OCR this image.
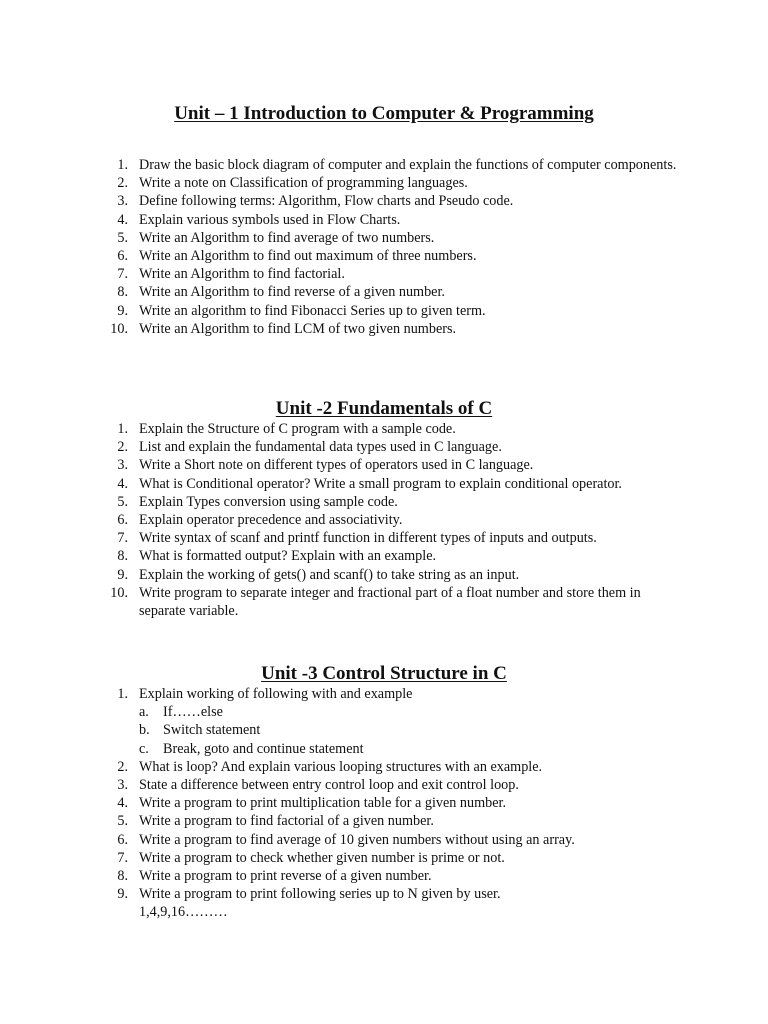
Unit – 1 Introduction to Computer & Programming
1. Draw the basic block diagram of computer and explain the functions of computer components.
2. Write a note on Classification of programming languages.
3. Define following terms: Algorithm, Flow charts and Pseudo code.
4. Explain various symbols used in Flow Charts.
5. Write an Algorithm to find average of two numbers.
6. Write an Algorithm to find out maximum of three numbers.
7. Write an Algorithm to find factorial.
8. Write an Algorithm to find reverse of a given number.
9. Write an algorithm to find Fibonacci Series up to given term.
10. Write an Algorithm to find LCM of two given numbers.
Unit -2 Fundamentals of C
1. Explain the Structure of C program with a sample code.
2. List and explain the fundamental data types used in C language.
3. Write a Short note on different types of operators used in C language.
4. What is Conditional operator? Write a small program to explain conditional operator.
5. Explain Types conversion using sample code.
6. Explain operator precedence and associativity.
7. Write syntax of scanf and printf function in different types of inputs and outputs.
8. What is formatted output? Explain with an example.
9. Explain the working of gets() and scanf() to take string as an input.
10. Write program to separate integer and fractional part of a float number and store them in separate variable.
Unit -3 Control Structure in C
1. Explain working of following with and example
a. If……else
b. Switch statement
c. Break, goto and continue statement
2. What is loop? And explain various looping structures with an example.
3. State a difference between entry control loop and exit control loop.
4. Write a program to print multiplication table for a given number.
5. Write a program to find factorial of a given number.
6. Write a program to find average of 10 given numbers without using an array.
7. Write a program to check whether given number is prime or not.
8. Write a program to print reverse of a given number.
9. Write a program to print following series up to N given by user.
1,4,9,16………
